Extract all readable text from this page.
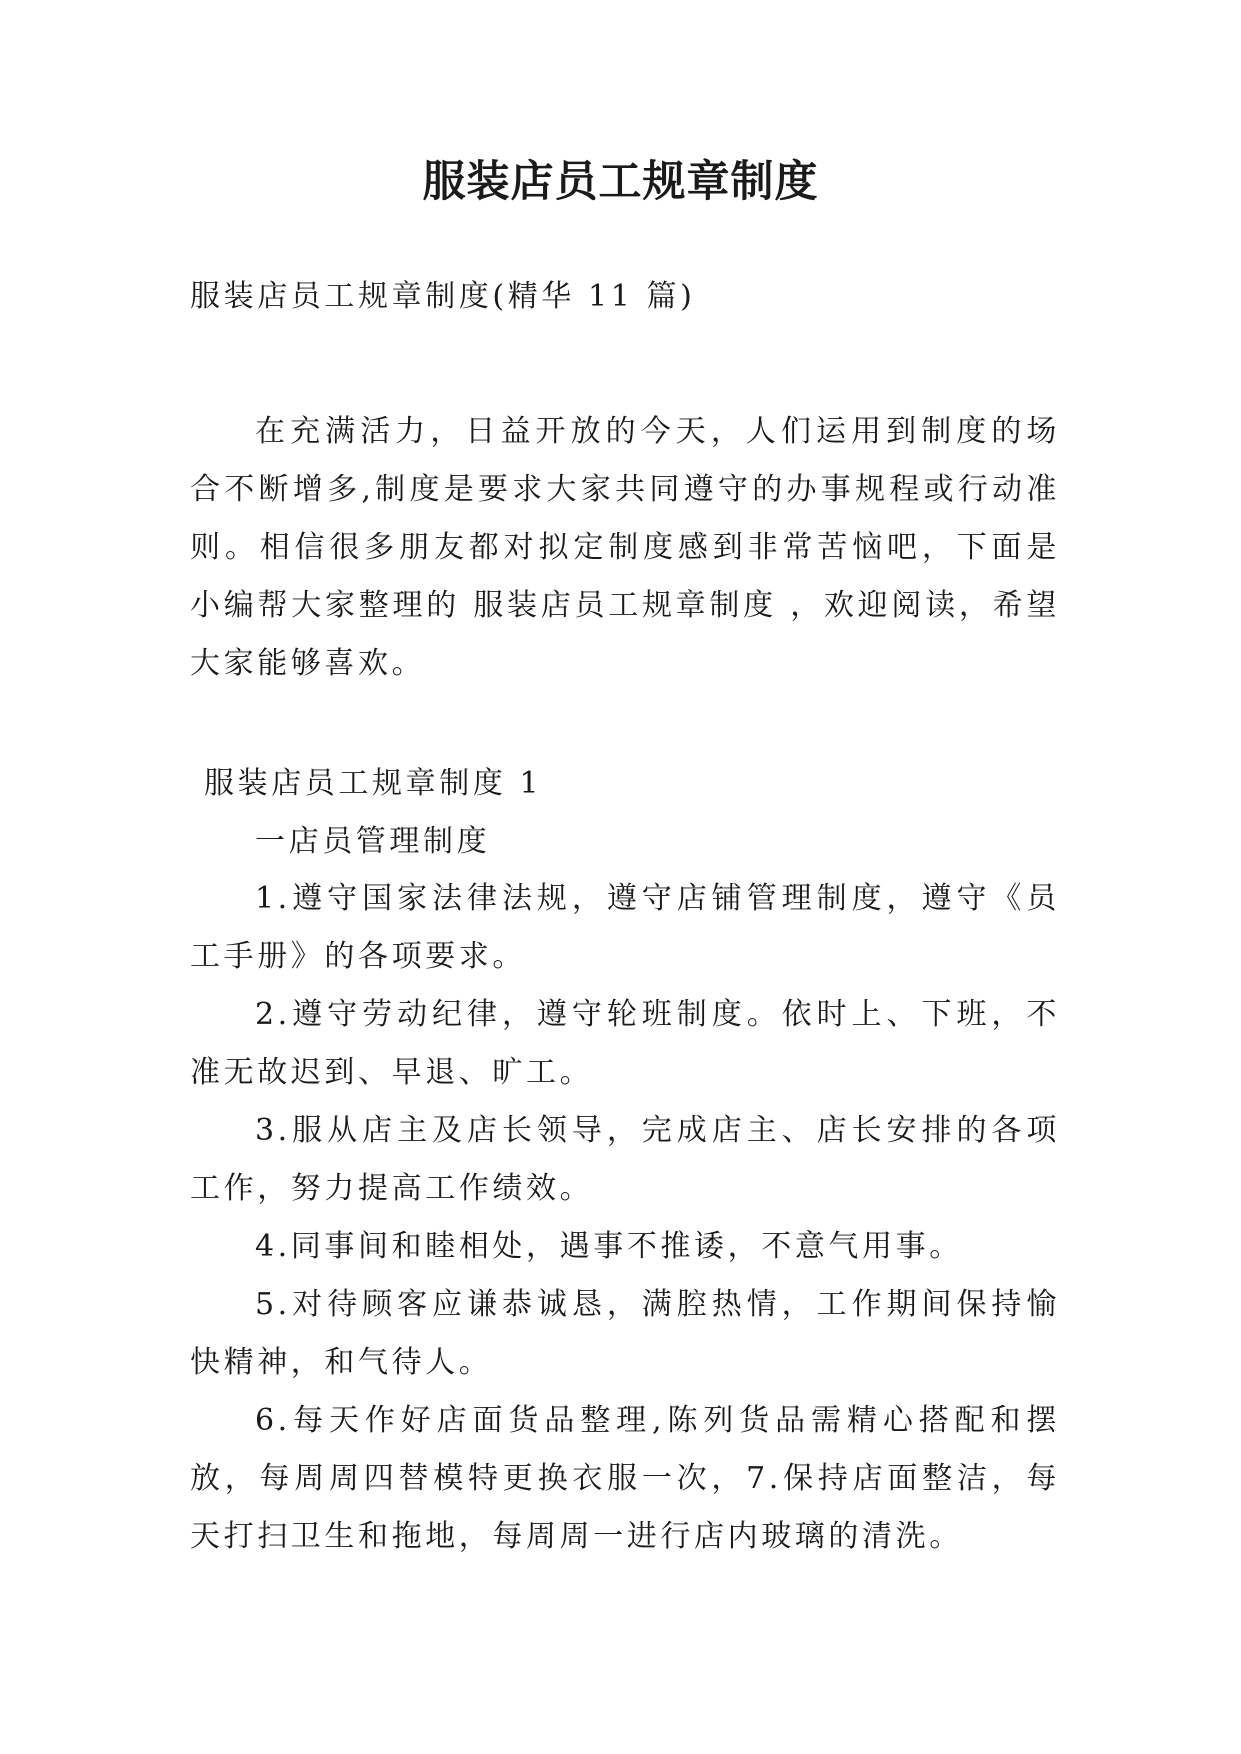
服装店员工规章制度
服装店员工规章制度(精华 11 篇)
在充满活力，日益开放的今天，人们运用到制度的场合不断增多,制度是要求大家共同遵守的办事规程或行动准则。相信很多朋友都对拟定制度感到非常苦恼吧，下面是小编帮大家整理的 服装店员工规章制度 ，欢迎阅读，希望大家能够喜欢。
服装店员工规章制度 1
一店员管理制度
1.遵守国家法律法规，遵守店铺管理制度，遵守《员工手册》的各项要求。
2.遵守劳动纪律，遵守轮班制度。依时上、下班，不准无故迟到、早退、旷工。
3.服从店主及店长领导，完成店主、店长安排的各项工作，努力提高工作绩效。
4.同事间和睦相处，遇事不推诿，不意气用事。
5.对待顾客应谦恭诚恳，满腔热情，工作期间保持愉快精神，和气待人。
6.每天作好店面货品整理,陈列货品需精心搭配和摆放，每周周四替模特更换衣服一次，7.保持店面整洁，每天打扫卫生和拖地，每周周一进行店内玻璃的清洗。
